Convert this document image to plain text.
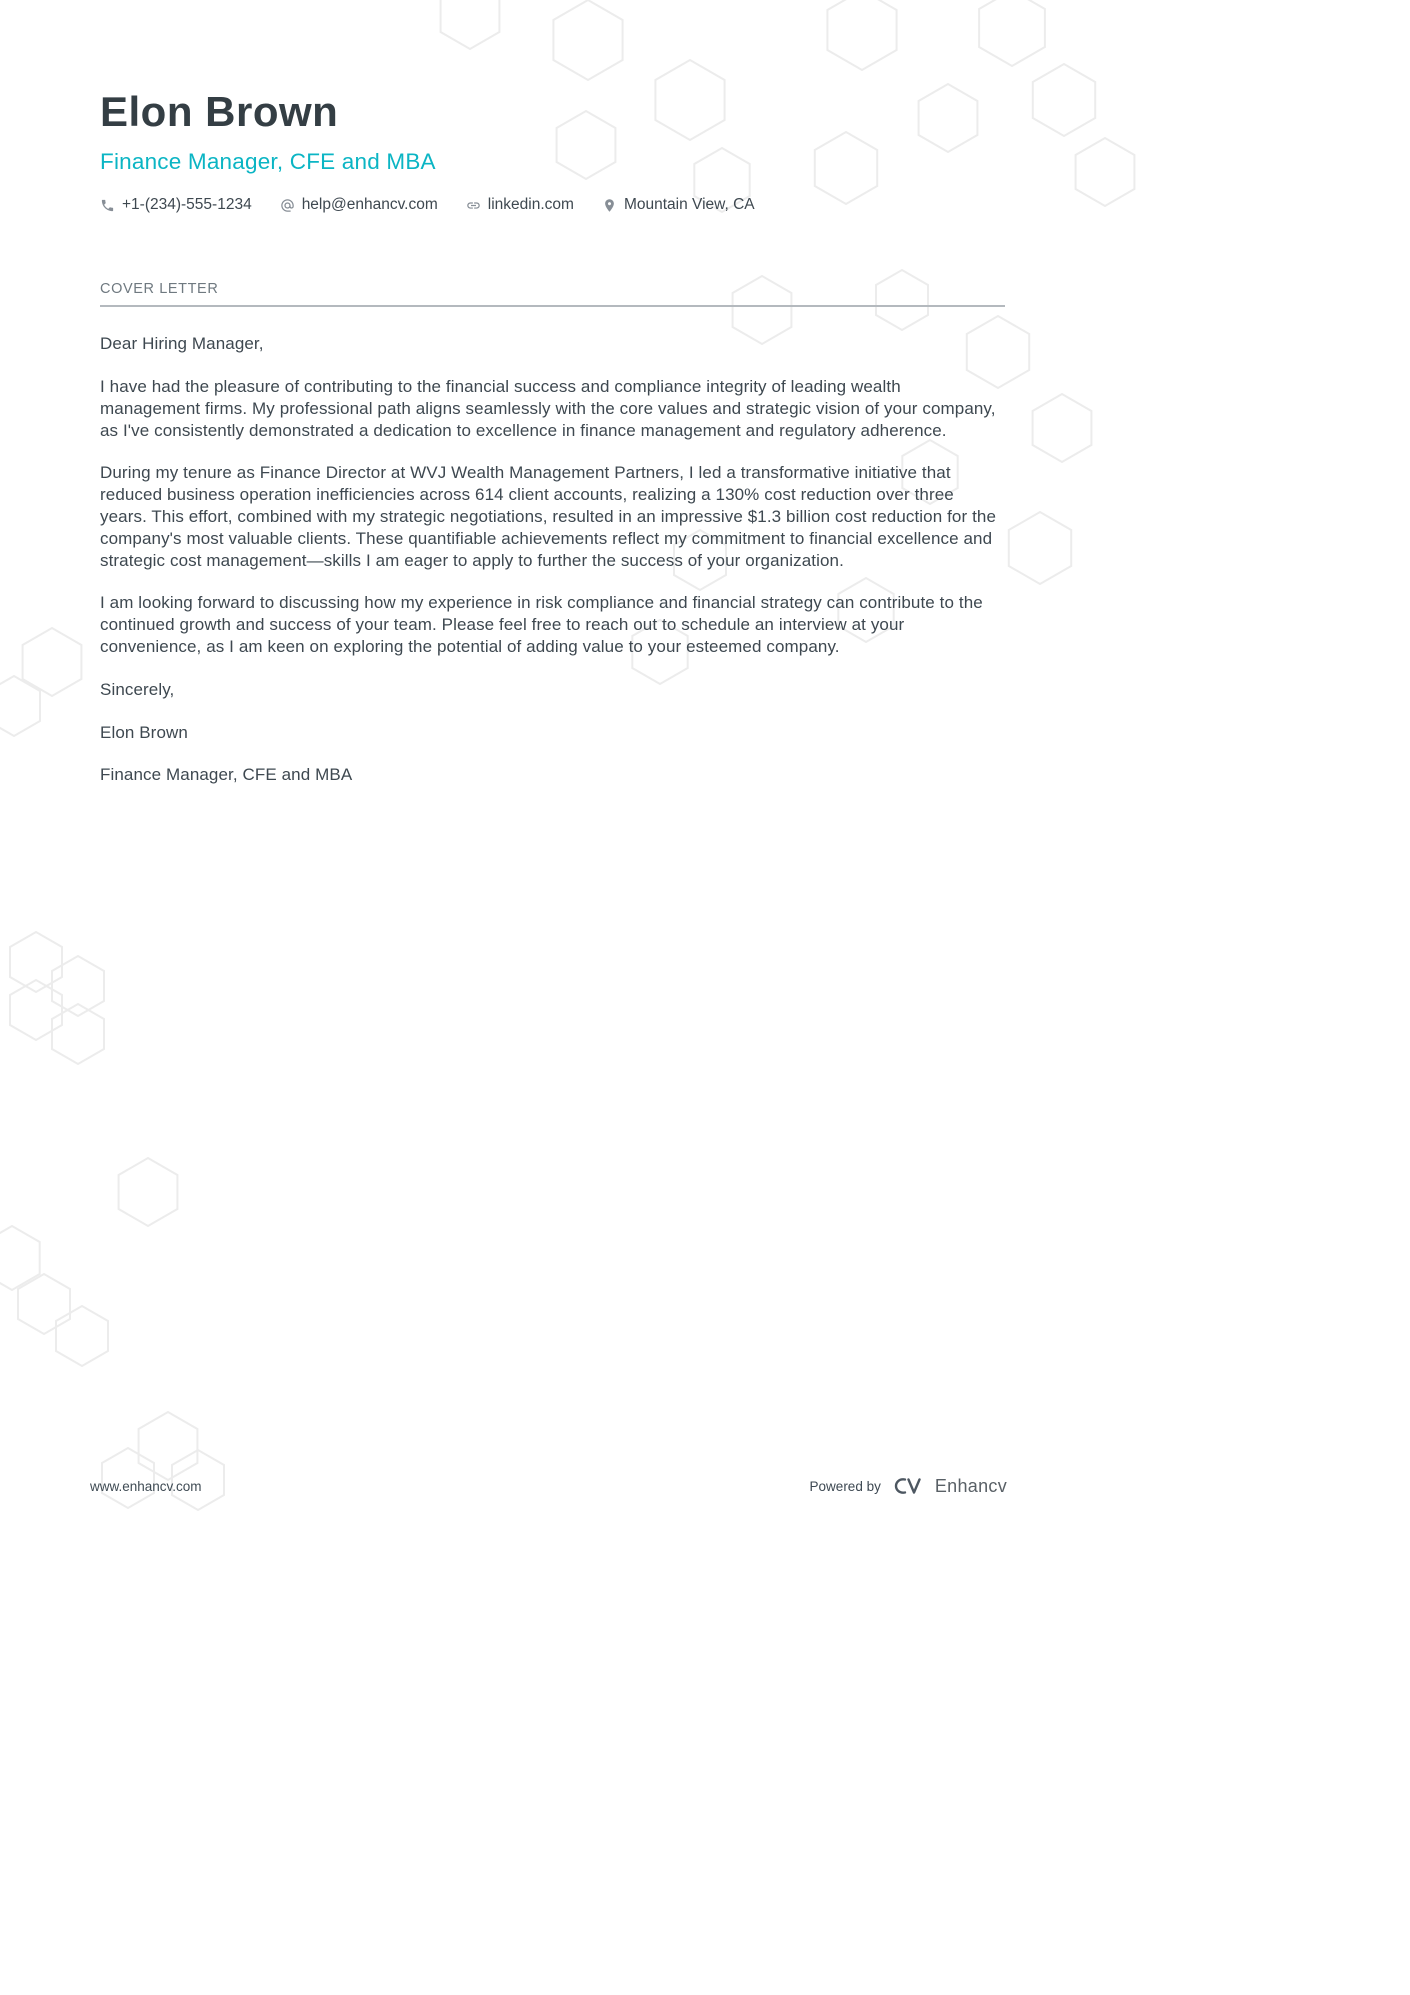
Elon Brown
Finance Manager, CFE and MBA
+1-(234)-555-1234	help@enhancv.com	linkedin.com	Mountain View, CA
COVER LETTER

Dear Hiring Manager,

I have had the pleasure of contributing to the financial success and compliance integrity of leading wealth management firms. My professional path aligns seamlessly with the core values and strategic vision of your company, as I've consistently demonstrated a dedication to excellence in finance management and regulatory adherence.

During my tenure as Finance Director at WVJ Wealth Management Partners, I led a transformative initiative that reduced business operation inefficiencies across 614 client accounts, realizing a 130% cost reduction over three years. This effort, combined with my strategic negotiations, resulted in an impressive $1.3 billion cost reduction for the company's most valuable clients. These quantifiable achievements reflect my commitment to financial excellence and strategic cost management—skills I am eager to apply to further the success of your organization.

I am looking forward to discussing how my experience in risk compliance and financial strategy can contribute to the continued growth and success of your team. Please feel free to reach out to schedule an interview at your convenience, as I am keen on exploring the potential of adding value to your esteemed company.

Sincerely,

Elon Brown

Finance Manager, CFE and MBA

www.enhancv.com	Powered by	Enhancv
